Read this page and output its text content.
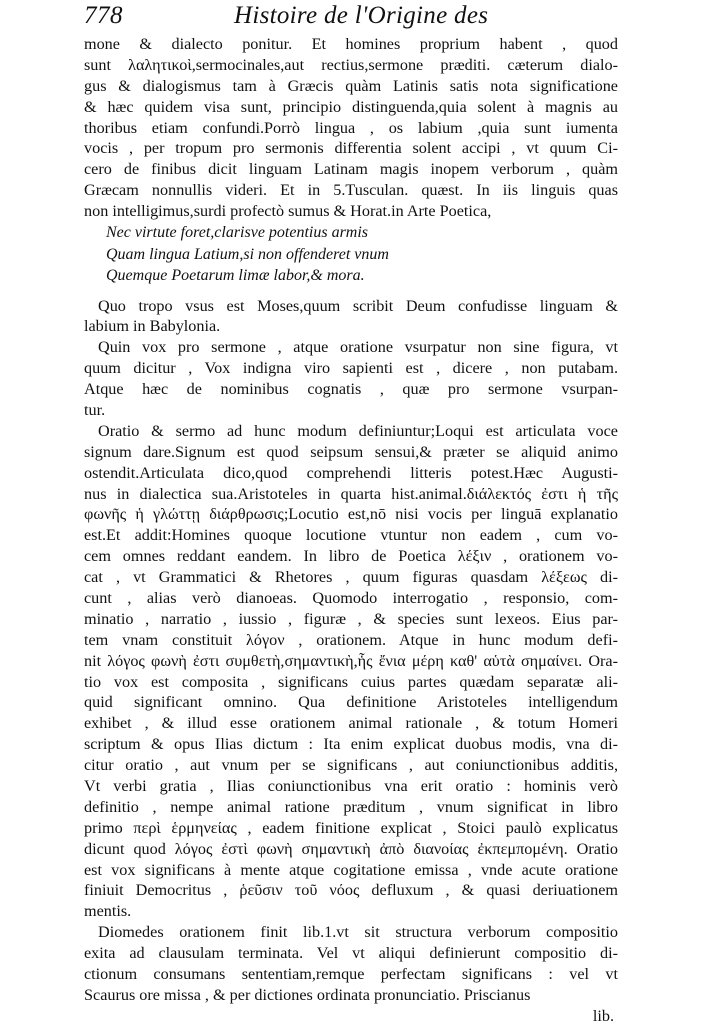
778	Histoire de l'Origine des
mone & dialecto ponitur. Et homines proprium habent , quod
sunt λαλητικοὶ,sermocinales,aut rectius,sermone præditi. cæterum dialo-
gus & dialogismus tam à Græcis quàm Latinis satis nota significatione
& hæc quidem visa sunt, principio distinguenda,quia solent à magnis au
thoribus etiam confundi.Porrò lingua , os labium ,quia sunt iumenta
vocis , per tropum pro sermonis differentia solent accipi , vt quum Ci-
cero de finibus dicit linguam Latinam magis inopem verborum , quàm
Græcam nonnullis videri. Et in 5.Tusculan. quæst. In iis linguis quas
non intelligimus,surdi profectò sumus & Horat.in Arte Poetica,
Nec virtute foret,clarisve potentius armis
Quam lingua Latium,si non offenderet vnum
Quemque Poetarum limæ labor,& mora.
Quo tropo vsus est Moses,quum scribit Deum confudisse linguam &
labium in Babylonia.
Quin vox pro sermone , atque oratione vsurpatur non sine figura, vt
quum dicitur , Vox indigna viro sapienti est , dicere , non putabam.
Atque hæc de nominibus cognatis , quæ pro sermone vsurpan-
tur.
Oratio & sermo ad hunc modum definiuntur;Loqui est articulata voce
signum dare.Signum est quod seipsum sensui,& præter se aliquid animo
ostendit.Articulata dico,quod comprehendi litteris potest.Hæc Augusti-
nus in dialectica sua.Aristoteles in quarta hist.animal.διάλεκτός ἐστι ἡ τῆς
φωνῆς ἡ γλώττῃ διάρθρωσις;Locutio est,nō nisi vocis per linguā explanatio
est.Et addit:Homines quoque locutione vtuntur non eadem , cum vo-
cem omnes reddant eandem. In libro de Poetica λέξιν , orationem vo-
cat , vt Grammatici & Rhetores , quum figuras quasdam λέξεως di-
cunt , alias verò dianoeas. Quomodo interrogatio , responsio, com-
minatio , narratio , iussio , figuræ , & species sunt lexeos. Eius par-
tem vnam constituit λόγον , orationem. Atque in hunc modum defi-
nit λόγος φωνὴ ἐστι συμθετὴ,σημαντικὴ,ἧς ἔνια μέρη καθ' αὑτὰ σημαίνει. Ora-
tio vox est composita , significans cuius partes quædam separatæ ali-
quid significant omnino. Qua definitione Aristoteles intelligendum
exhibet , & illud esse orationem animal rationale , & totum Homeri
scriptum & opus Ilias dictum : Ita enim explicat duobus modis, vna di-
citur oratio , aut vnum per se significans , aut coniunctionibus additis,
Vt verbi gratia , Ilias coniunctionibus vna erit oratio : hominis verò
definitio , nempe animal ratione præditum , vnum significat in libro
primo περὶ ἑρμηνείας , eadem finitione explicat , Stoici paulò explicatus
dicunt quod λόγος ἐστὶ φωνὴ σημαντικὴ ἀπὸ διανοίας ἐκπεμπομένη. Oratio
est vox significans à mente atque cogitatione emissa , vnde acute oratione
finiuit Democritus , ῥεῦσιν τοῦ νόος defluxum , & quasi deriuationem
mentis.
Diomedes orationem finit lib.1.vt sit structura verborum compositio
exita ad clausulam terminata. Vel vt aliqui definierunt compositio di-
ctionum consumans sententiam,remque perfectam significans : vel vt
Scaurus ore missa , & per dictiones ordinata pronunciatio. Priscianus
lib.
